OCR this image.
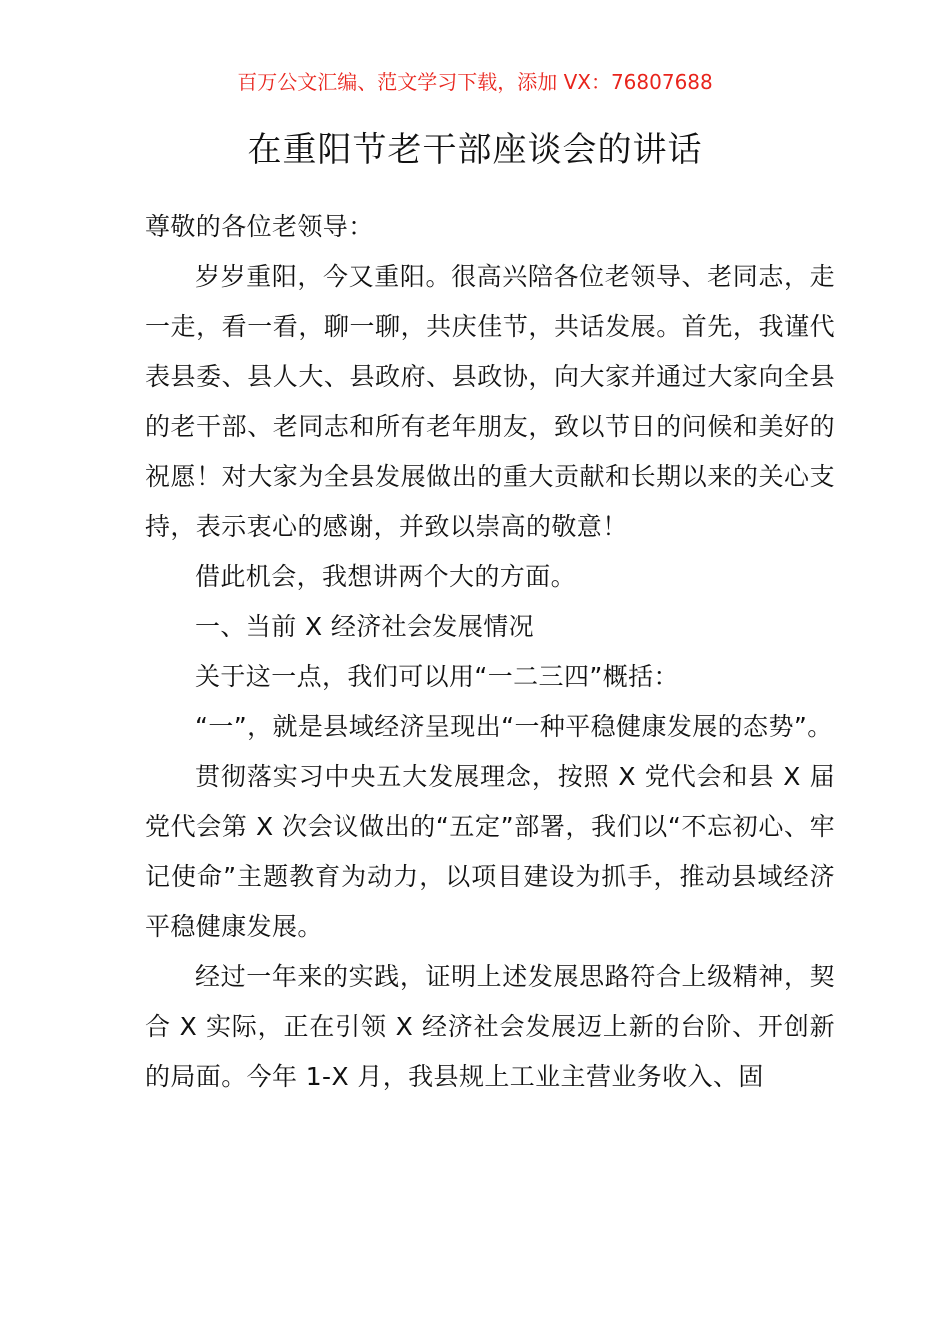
百万公文汇编、范文学习下载，添加 VX：76807688
在重阳节老干部座谈会的讲话

尊敬的各位老领导：

岁岁重阳，今又重阳。很高兴陪各位老领导、老同志，走一走，看一看，聊一聊，共庆佳节，共话发展。首先，我谨代表县委、县人大、县政府、县政协，向大家并通过大家向全县的老干部、老同志和所有老年朋友，致以节日的问候和美好的祝愿！对大家为全县发展做出的重大贡献和长期以来的关心支持，表示衷心的感谢，并致以崇高的敬意！

借此机会，我想讲两个大的方面。

一、当前 X 经济社会发展情况

关于这一点，我们可以用“一二三四”概括：

“一”，就是县域经济呈现出“一种平稳健康发展的态势”。

贯彻落实习中央五大发展理念，按照 X 党代会和县 X 届党代会第 X 次会议做出的“五定”部署，我们以“不忘初心、牢记使命”主题教育为动力，以项目建设为抓手，推动县域经济平稳健康发展。

经过一年来的实践，证明上述发展思路符合上级精神，契合 X 实际，正在引领 X 经济社会发展迈上新的台阶、开创新的局面。今年 1-X 月，我县规上工业主营业务收入、固
